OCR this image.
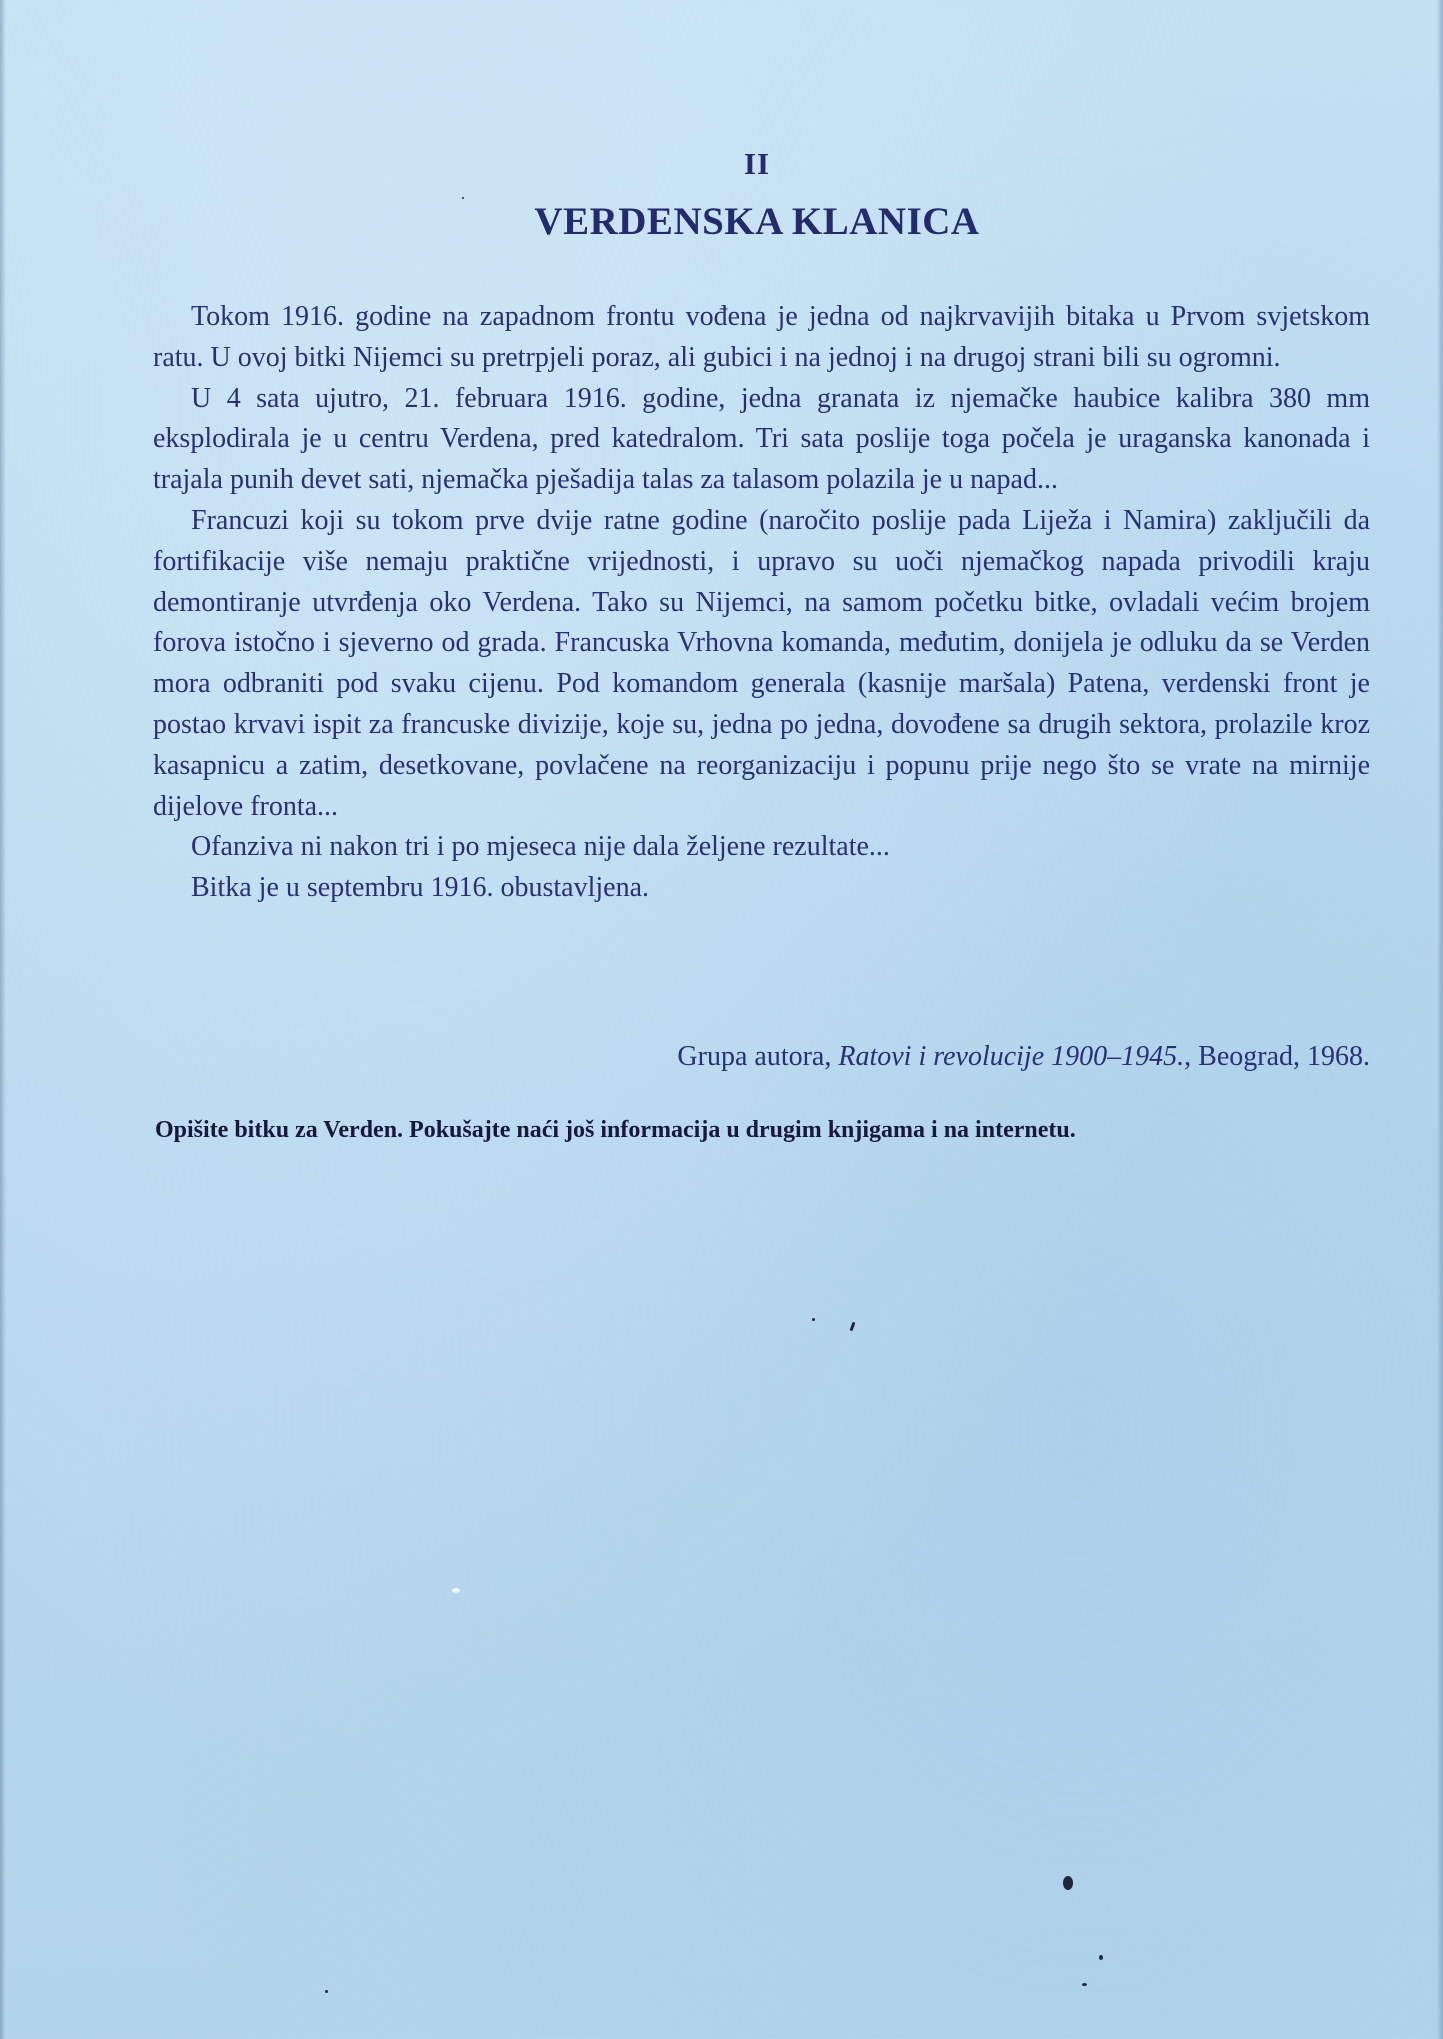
II
VERDENSKA KLANICA

Tokom 1916. godine na zapadnom frontu vođena je jedna od najkrvavijih bitaka u Prvom svjetskom ratu. U ovoj bitki Nijemci su pretrpjeli poraz, ali gubici i na jednoj i na drugoj strani bili su ogromni.

U 4 sata ujutro, 21. februara 1916. godine, jedna granata iz njemačke haubice kalibra 380 mm eksplodirala je u centru Verdena, pred katedralom. Tri sata poslije toga počela je uraganska kanonada i trajala punih devet sati, njemačka pješadija talas za talasom polazila je u napad...

Francuzi koji su tokom prve dvije ratne godine (naročito poslije pada Liježa i Namira) zaključili da fortifikacije više nemaju praktične vrijednosti, i upravo su uoči njemačkog napada privodili kraju demontiranje utvrđenja oko Verdena. Tako su Nijemci, na samom početku bitke, ovladali većim brojem forova istočno i sjeverno od grada. Francuska Vrhovna komanda, međutim, donijela je odluku da se Verden mora odbraniti pod svaku cijenu. Pod komandom generala (kasnije maršala) Patena, verdenski front je postao krvavi ispit za francuske divizije, koje su, jedna po jedna, dovođene sa drugih sektora, prolazile kroz kasapnicu a zatim, desetkovane, povlačene na reorganizaciju i popunu prije nego što se vrate na mirnije dijelove fronta...

Ofanziva ni nakon tri i po mjeseca nije dala željene rezultate...

Bitka je u septembru 1916. obustavljena.

Grupa autora, Ratovi i revolucije 1900–1945., Beograd, 1968.
Opišite bitku za Verden. Pokušajte naći još informacija u drugim knjigama i na internetu.
